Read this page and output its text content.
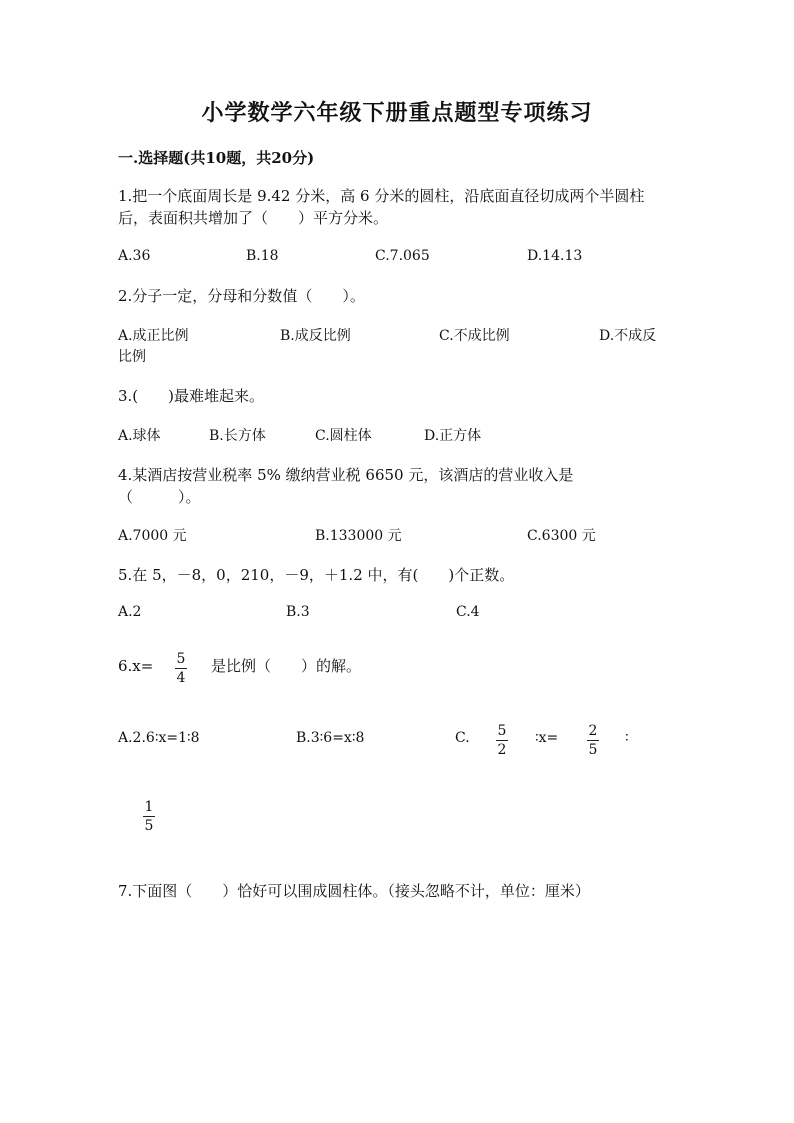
小学数学六年级下册重点题型专项练习
一.选择题(共10题，共20分)
1.把一个底面周长是 9.42 分米，高 6 分米的圆柱，沿底面直径切成两个半圆柱
后，表面积共增加了（　　）平方分米。
A.36	B.18	C.7.065	D.14.13
2.分子一定，分母和分数值（　　）。
A.成正比例	B.成反比例	C.不成比例	D.不成反
比例
3.(　　)最难堆起来。
A.球体	B.长方体	C.圆柱体	D.正方体
4.某酒店按营业税率 5% 缴纳营业税 6650 元，该酒店的营业收入是
（　　　）。
A.7000 元	B.133000 元	C.6300 元
5.在 5，－8，0，210，－9，＋1.2 中，有(　　)个正数。
A.2	B.3	C.4
6.x= 5
4
是比例（　　）的解。
A.2.6∶x=1∶8	B.3∶6=x∶8	C. 5
2
∶x= 2
5
∶
1
5
7.下面图（　　）恰好可以围成圆柱体。（接头忽略不计，单位：厘米）
